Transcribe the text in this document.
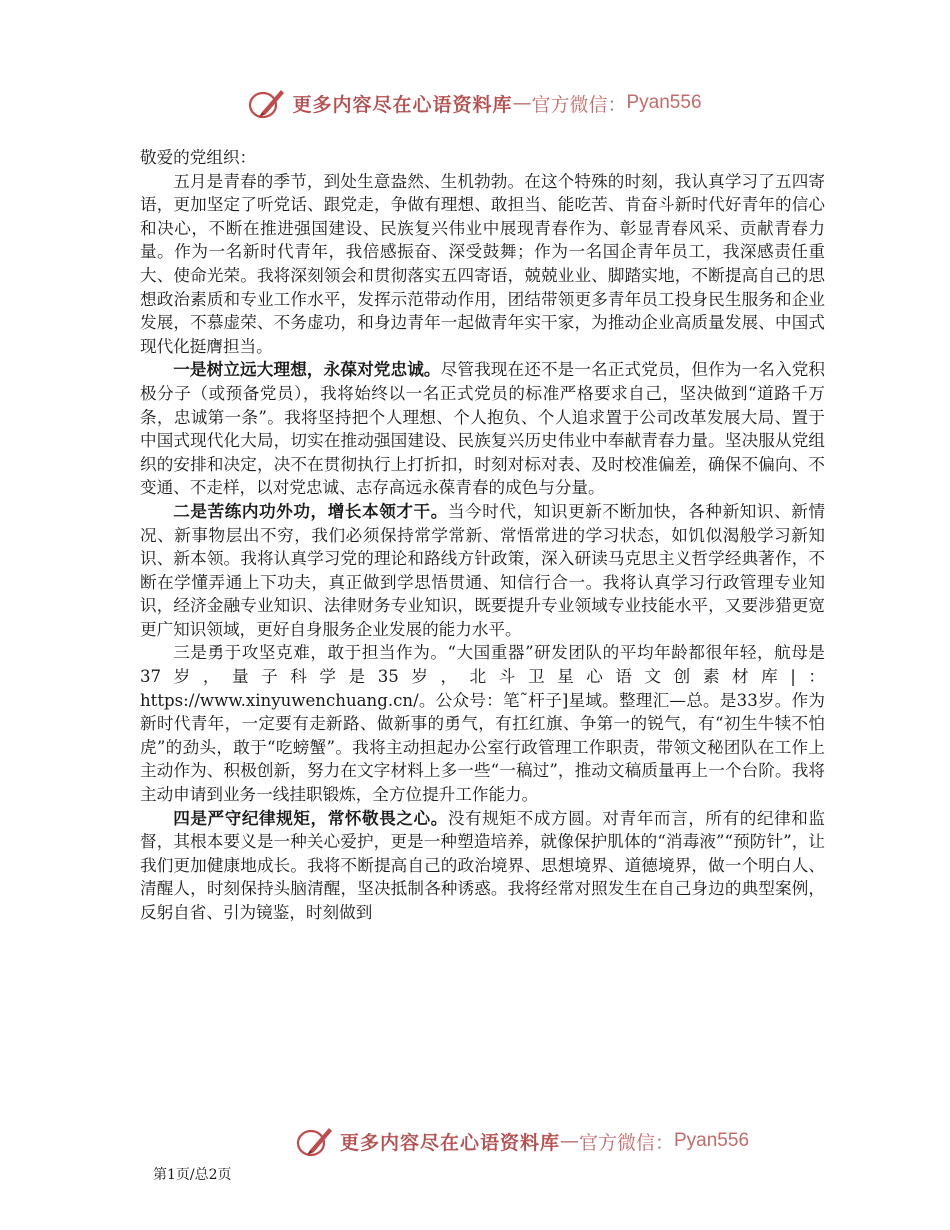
更多内容尽在心语资料库 — 官方微信： Pyan556

敬爱的党组织：

五月是青春的季节，到处生意盎然、生机勃勃。在这个特殊的时刻，我认真学习了五四寄语，更加坚定了听党话、跟党走，争做有理想、敢担当、能吃苦、肯奋斗新时代好青年的信心和决心，不断在推进强国建设、民族复兴伟业中展现青春作为、彰显青春风采、贡献青春力量。作为一名新时代青年，我倍感振奋、深受鼓舞；作为一名国企青年员工，我深感责任重大、使命光荣。我将深刻领会和贯彻落实五四寄语，兢兢业业、脚踏实地，不断提高自己的思想政治素质和专业工作水平，发挥示范带动作用，团结带领更多青年员工投身民生服务和企业发展，不慕虚荣、不务虚功，和身边青年一起做青年实干家，为推动企业高质量发展、中国式现代化挺膺担当。

一是树立远大理想，永葆对党忠诚。尽管我现在还不是一名正式党员，但作为一名入党积极分子（或预备党员），我将始终以一名正式党员的标准严格要求自己，坚决做到“道路千万条，忠诚第一条”。我将坚持把个人理想、个人抱负、个人追求置于公司改革发展大局、置于中国式现代化大局，切实在推动强国建设、民族复兴历史伟业中奉献青春力量。坚决服从党组织的安排和决定，决不在贯彻执行上打折扣，时刻对标对表、及时校准偏差，确保不偏向、不变通、不走样，以对党忠诚、志存高远永葆青春的成色与分量。

二是苦练内功外功，增长本领才干。当今时代，知识更新不断加快，各种新知识、新情况、新事物层出不穷，我们必须保持常学常新、常悟常进的学习状态，如饥似渴般学习新知识、新本领。我将认真学习党的理论和路线方针政策，深入研读马克思主义哲学经典著作，不断在学懂弄通上下功夫，真正做到学思悟贯通、知信行合一。我将认真学习行政管理专业知识，经济金融专业知识、法律财务专业知识，既要提升专业领域专业技能水平，又要涉猎更宽更广知识领域，更好自身服务企业发展的能力水平。

三是勇于攻坚克难，敢于担当作为。“大国重器”研发团队的平均年龄都很年轻，航母是37岁，量子科学是35岁，北斗卫星心语文创素材库|：https://www.xinyuwenchuang.cn/。公众号：笔˜杆子]星域。整理汇—总。是33岁。作为新时代青年，一定要有走新路、做新事的勇气，有扛红旗、争第一的锐气，有“初生牛犊不怕虎”的劲头，敢于“吃螃蟹”。我将主动担起办公室行政管理工作职责，带领文秘团队在工作上主动作为、积极创新，努力在文字材料上多一些“一稿过”，推动文稿质量再上一个台阶。我将主动申请到业务一线挂职锻炼，全方位提升工作能力。

四是严守纪律规矩，常怀敬畏之心。没有规矩不成方圆。对青年而言，所有的纪律和监督，其根本要义是一种关心爱护，更是一种塑造培养，就像保护肌体的“消毒液”“预防针”，让我们更加健康地成长。我将不断提高自己的政治境界、思想境界、道德境界，做一个明白人、清醒人，时刻保持头脑清醒，坚决抵制各种诱惑。我将经常对照发生在自己身边的典型案例，反躬自省、引为镜鉴，时刻做到

更多内容尽在心语资料库 — 官方微信： Pyan556
第1页/总2页
